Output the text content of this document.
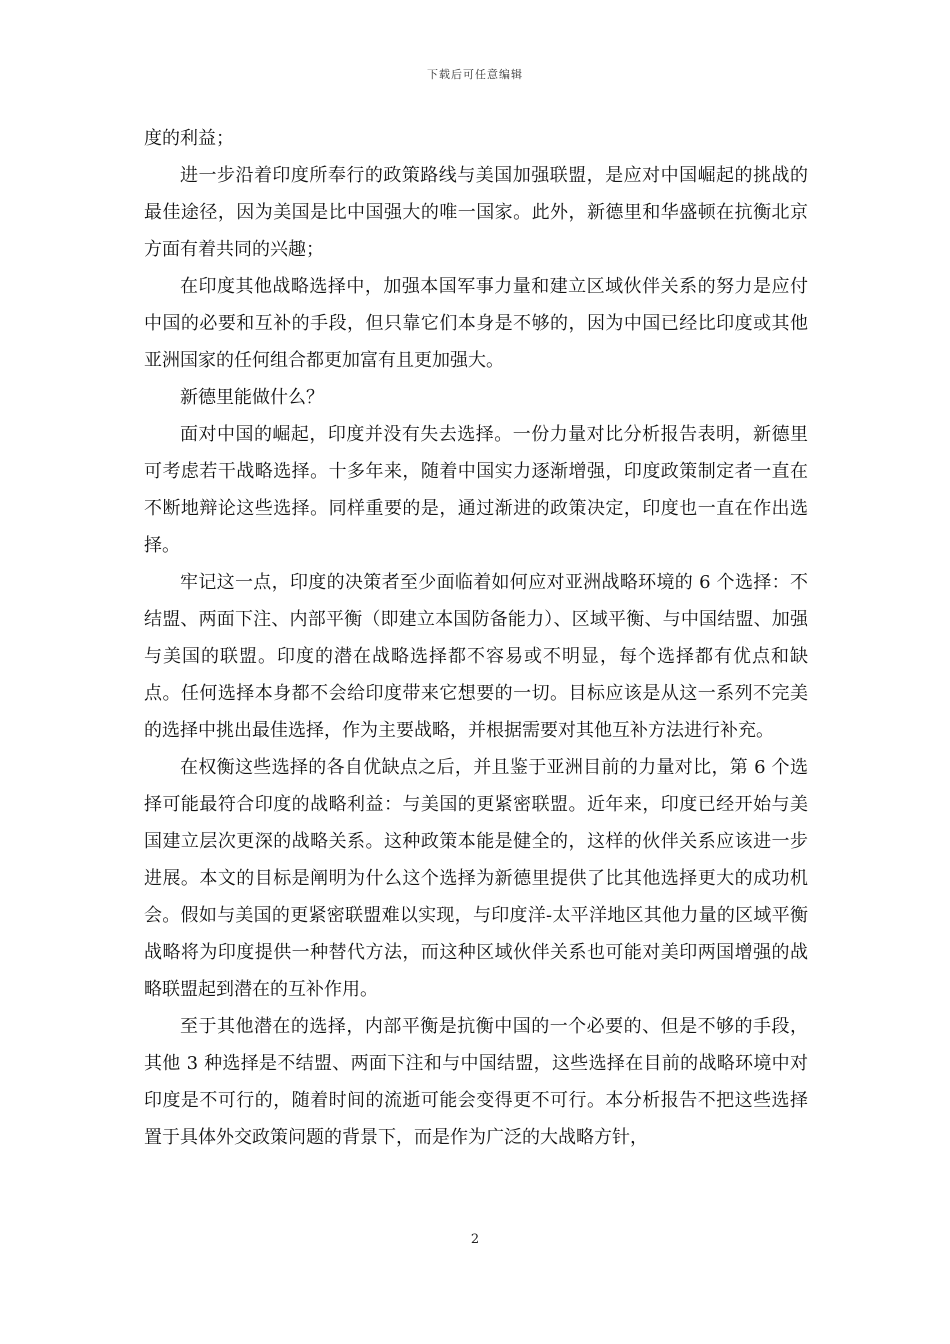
下载后可任意编辑

度的利益；

进一步沿着印度所奉行的政策路线与美国加强联盟，是应对中国崛起的挑战的最佳途径，因为美国是比中国强大的唯一国家。此外，新德里和华盛顿在抗衡北京方面有着共同的兴趣；

在印度其他战略选择中，加强本国军事力量和建立区域伙伴关系的努力是应付中国的必要和互补的手段，但只靠它们本身是不够的，因为中国已经比印度或其他亚洲国家的任何组合都更加富有且更加强大。

新德里能做什么？

面对中国的崛起，印度并没有失去选择。一份力量对比分析报告表明，新德里可考虑若干战略选择。十多年来，随着中国实力逐渐增强，印度政策制定者一直在不断地辩论这些选择。同样重要的是，通过渐进的政策决定，印度也一直在作出选择。

牢记这一点，印度的决策者至少面临着如何应对亚洲战略环境的 6 个选择：不结盟、两面下注、内部平衡（即建立本国防备能力）、区域平衡、与中国结盟、加强与美国的联盟。印度的潜在战略选择都不容易或不明显，每个选择都有优点和缺点。任何选择本身都不会给印度带来它想要的一切。目标应该是从这一系列不完美的选择中挑出最佳选择，作为主要战略，并根据需要对其他互补方法进行补充。

在权衡这些选择的各自优缺点之后，并且鉴于亚洲目前的力量对比，第 6 个选择可能最符合印度的战略利益：与美国的更紧密联盟。近年来，印度已经开始与美国建立层次更深的战略关系。这种政策本能是健全的，这样的伙伴关系应该进一步进展。本文的目标是阐明为什么这个选择为新德里提供了比其他选择更大的成功机会。假如与美国的更紧密联盟难以实现，与印度洋-太平洋地区其他力量的区域平衡战略将为印度提供一种替代方法，而这种区域伙伴关系也可能对美印两国增强的战略联盟起到潜在的互补作用。

至于其他潜在的选择，内部平衡是抗衡中国的一个必要的、但是不够的手段，其他 3 种选择是不结盟、两面下注和与中国结盟，这些选择在目前的战略环境中对印度是不可行的，随着时间的流逝可能会变得更不可行。本分析报告不把这些选择置于具体外交政策问题的背景下，而是作为广泛的大战略方针，

2
